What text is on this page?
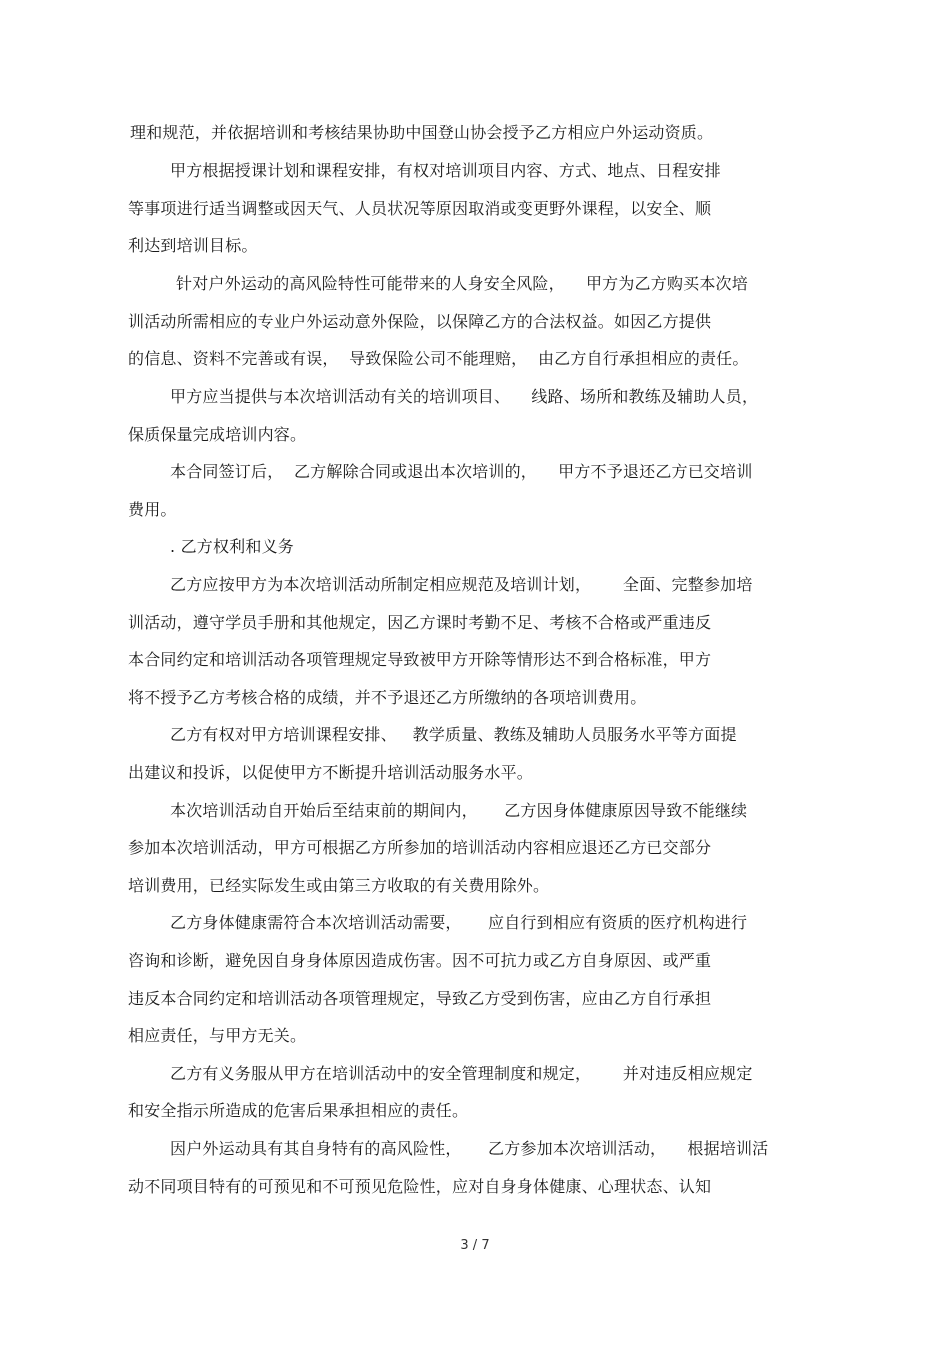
理和规范，并依据培训和考核结果协助中国登山协会授予乙方相应户外运动资质。
甲方根据授课计划和课程安排，有权对培训项目内容、方式、地点、日程安排
等事项进行适当调整或因天气、人员状况等原因取消或变更野外课程，以安全、顺
利达到培训目标。
针对户外运动的高风险特性可能带来的人身安全风险，    甲方为乙方购买本次培
训活动所需相应的专业户外运动意外保险，以保障乙方的合法权益。如因乙方提供
的信息、资料不完善或有误，  导致保险公司不能理赔，  由乙方自行承担相应的责任。
甲方应当提供与本次培训活动有关的培训项目、    线路、场所和教练及辅助人员，
保质保量完成培训内容。
本合同签订后，  乙方解除合同或退出本次培训的，    甲方不予退还乙方已交培训
费用。
. 乙方权利和义务
乙方应按甲方为本次培训活动所制定相应规范及培训计划，      全面、完整参加培
训活动，遵守学员手册和其他规定，因乙方课时考勤不足、考核不合格或严重违反
本合同约定和培训活动各项管理规定导致被甲方开除等情形达不到合格标准，甲方
将不授予乙方考核合格的成绩，并不予退还乙方所缴纳的各项培训费用。
乙方有权对甲方培训课程安排、   教学质量、教练及辅助人员服务水平等方面提
出建议和投诉，以促使甲方不断提升培训活动服务水平。
本次培训活动自开始后至结束前的期间内，     乙方因身体健康原因导致不能继续
参加本次培训活动，甲方可根据乙方所参加的培训活动内容相应退还乙方已交部分
培训费用，已经实际发生或由第三方收取的有关费用除外。
乙方身体健康需符合本次培训活动需要，     应自行到相应有资质的医疗机构进行
咨询和诊断，避免因自身身体原因造成伤害。因不可抗力或乙方自身原因、或严重
违反本合同约定和培训活动各项管理规定，导致乙方受到伤害，应由乙方自行承担
相应责任，与甲方无关。
乙方有义务服从甲方在培训活动中的安全管理制度和规定，      并对违反相应规定
和安全指示所造成的危害后果承担相应的责任。
因户外运动具有其自身特有的高风险性，     乙方参加本次培训活动，    根据培训活
动不同项目特有的可预见和不可预见危险性，应对自身身体健康、心理状态、认知
3 / 7
